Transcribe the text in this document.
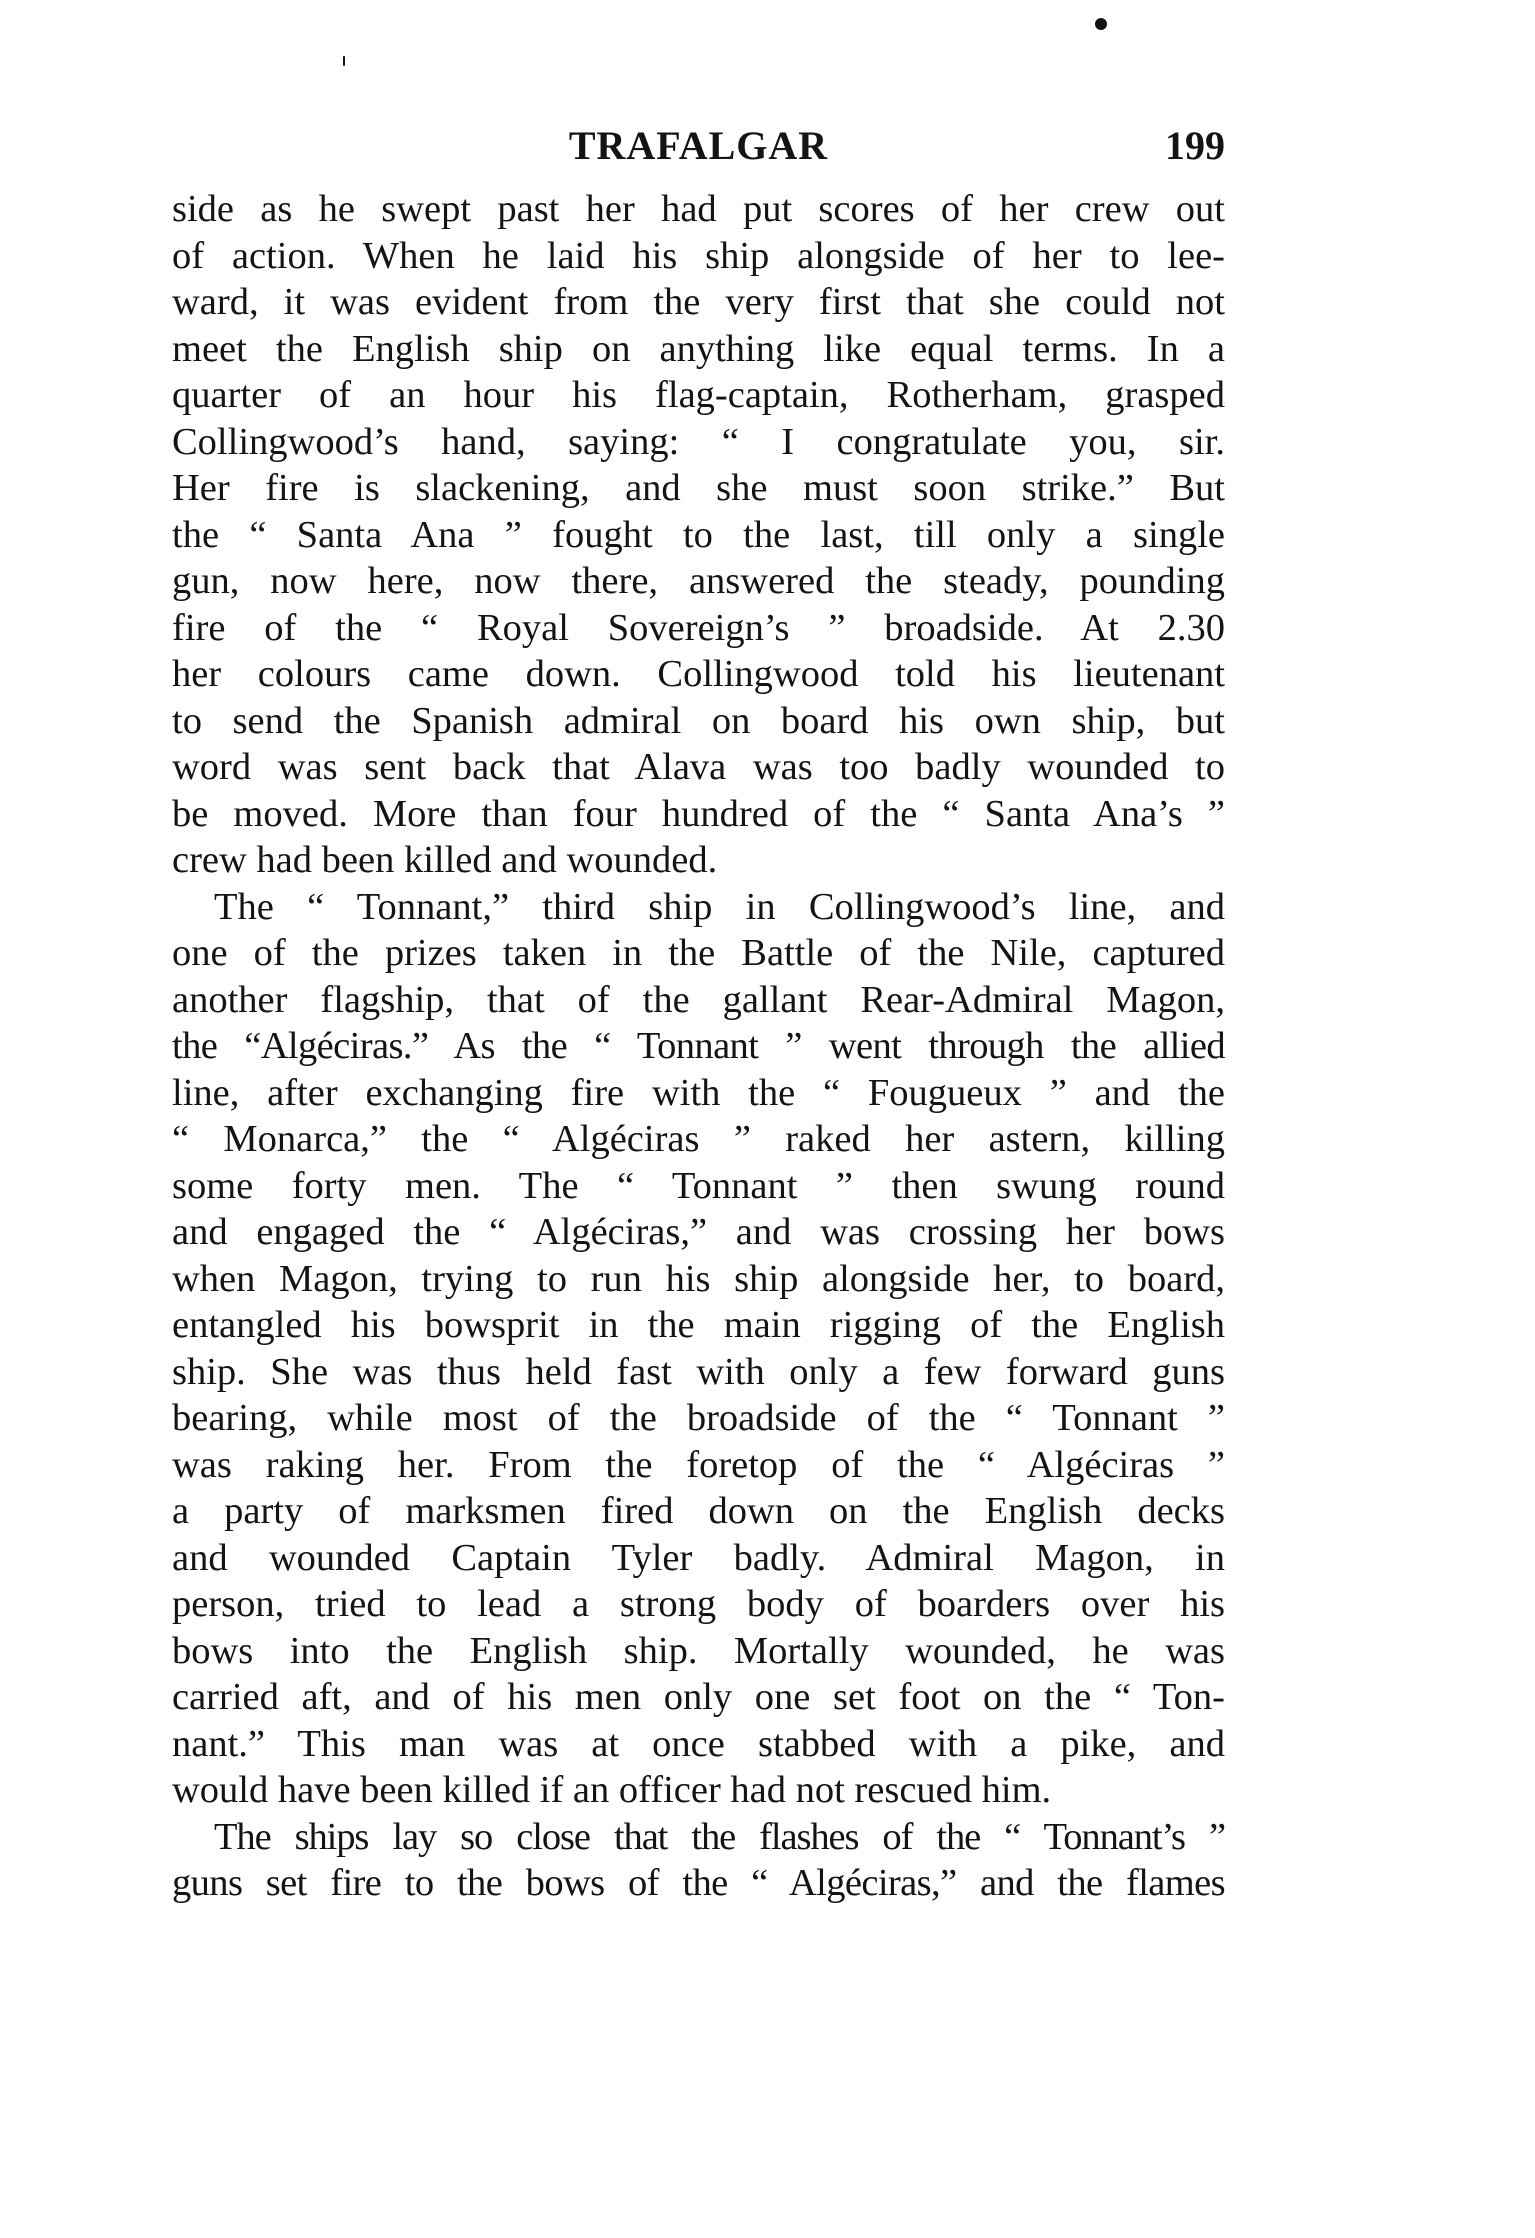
TRAFALGAR	199
side as he swept past her had put scores of her crew out
of action. When he laid his ship alongside of her to lee-
ward, it was evident from the very first that she could not
meet the English ship on anything like equal terms. In a
quarter of an hour his flag-captain, Rotherham, grasped
Collingwood’s hand, saying: “ I congratulate you, sir.
Her fire is slackening, and she must soon strike.” But
the “ Santa Ana ” fought to the last, till only a single
gun, now here, now there, answered the steady, pounding
fire of the “ Royal Sovereign’s ” broadside. At 2.30
her colours came down. Collingwood told his lieutenant
to send the Spanish admiral on board his own ship, but
word was sent back that Alava was too badly wounded to
be moved. More than four hundred of the “ Santa Ana’s ”
crew had been killed and wounded.
The “ Tonnant,” third ship in Collingwood’s line, and
one of the prizes taken in the Battle of the Nile, captured
another flagship, that of the gallant Rear-Admiral Magon,
the “Algéciras.” As the “ Tonnant ” went through the allied
line, after exchanging fire with the “ Fougueux ” and the
“ Monarca,” the “ Algéciras ” raked her astern, killing
some forty men. The “ Tonnant ” then swung round
and engaged the “ Algéciras,” and was crossing her bows
when Magon, trying to run his ship alongside her, to board,
entangled his bowsprit in the main rigging of the English
ship. She was thus held fast with only a few forward guns
bearing, while most of the broadside of the “ Tonnant ”
was raking her. From the foretop of the “ Algéciras ”
a party of marksmen fired down on the English decks
and wounded Captain Tyler badly. Admiral Magon, in
person, tried to lead a strong body of boarders over his
bows into the English ship. Mortally wounded, he was
carried aft, and of his men only one set foot on the “ Ton-
nant.” This man was at once stabbed with a pike, and
would have been killed if an officer had not rescued him.
The ships lay so close that the flashes of the “ Tonnant’s ”
guns set fire to the bows of the “ Algéciras,” and the flames
